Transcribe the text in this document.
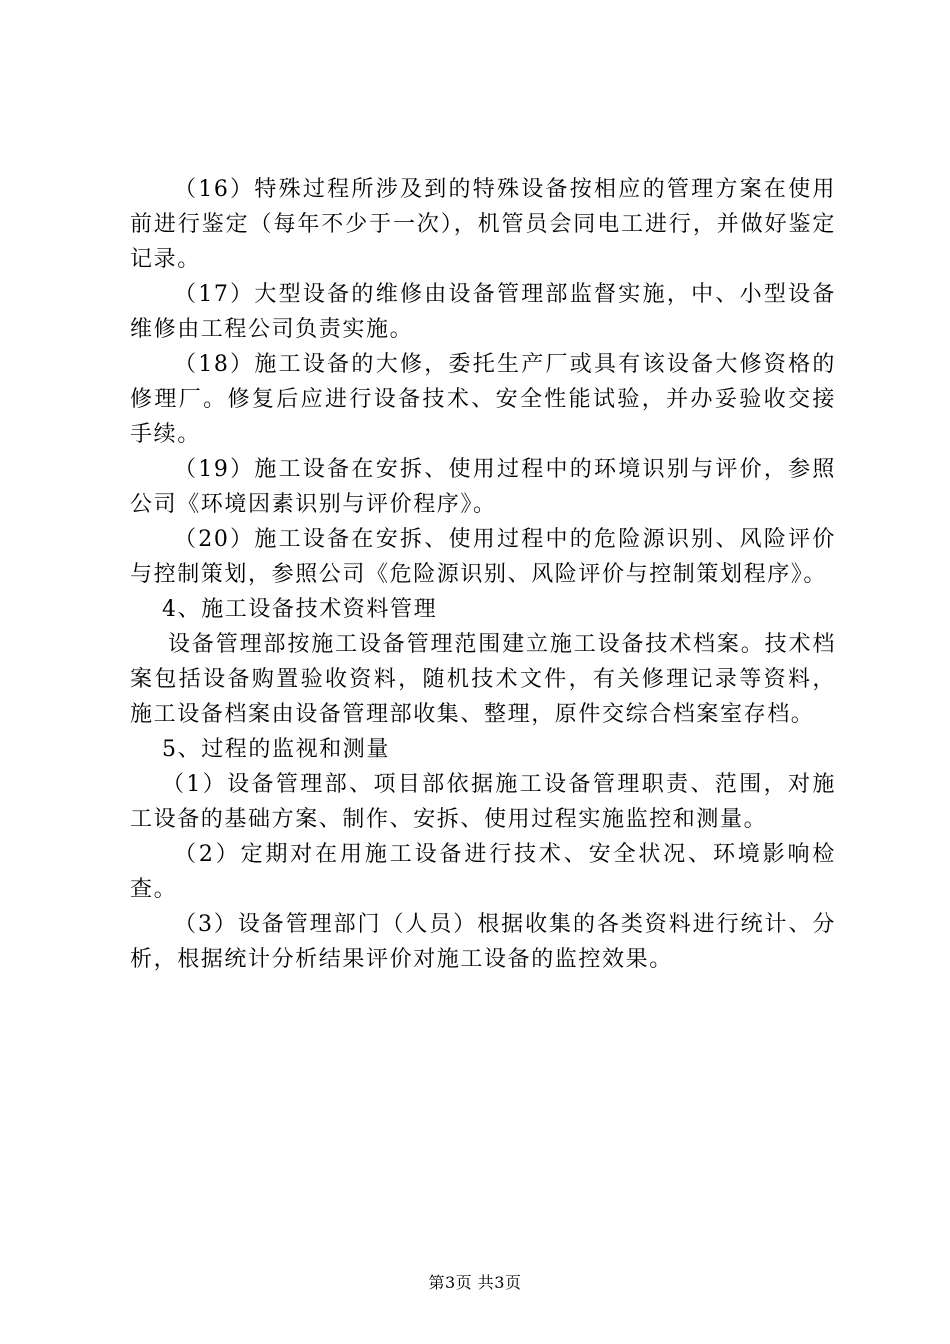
（16）特殊过程所涉及到的特殊设备按相应的管理方案在使用前进行鉴定（每年不少于一次），机管员会同电工进行，并做好鉴定记录。

（17）大型设备的维修由设备管理部监督实施，中、小型设备维修由工程公司负责实施。

（18）施工设备的大修，委托生产厂或具有该设备大修资格的修理厂。修复后应进行设备技术、安全性能试验，并办妥验收交接手续。

（19）施工设备在安拆、使用过程中的环境识别与评价，参照公司《环境因素识别与评价程序》。

（20）施工设备在安拆、使用过程中的危险源识别、风险评价与控制策划，参照公司《危险源识别、风险评价与控制策划程序》。

4、施工设备技术资料管理

设备管理部按施工设备管理范围建立施工设备技术档案。技术档案包括设备购置验收资料，随机技术文件，有关修理记录等资料，施工设备档案由设备管理部收集、整理，原件交综合档案室存档。

5、过程的监视和测量

（1）设备管理部、项目部依据施工设备管理职责、范围，对施工设备的基础方案、制作、安拆、使用过程实施监控和测量。

（2）定期对在用施工设备进行技术、安全状况、环境影响检查。

（3）设备管理部门（人员）根据收集的各类资料进行统计、分析，根据统计分析结果评价对施工设备的监控效果。

第3页 共3页
